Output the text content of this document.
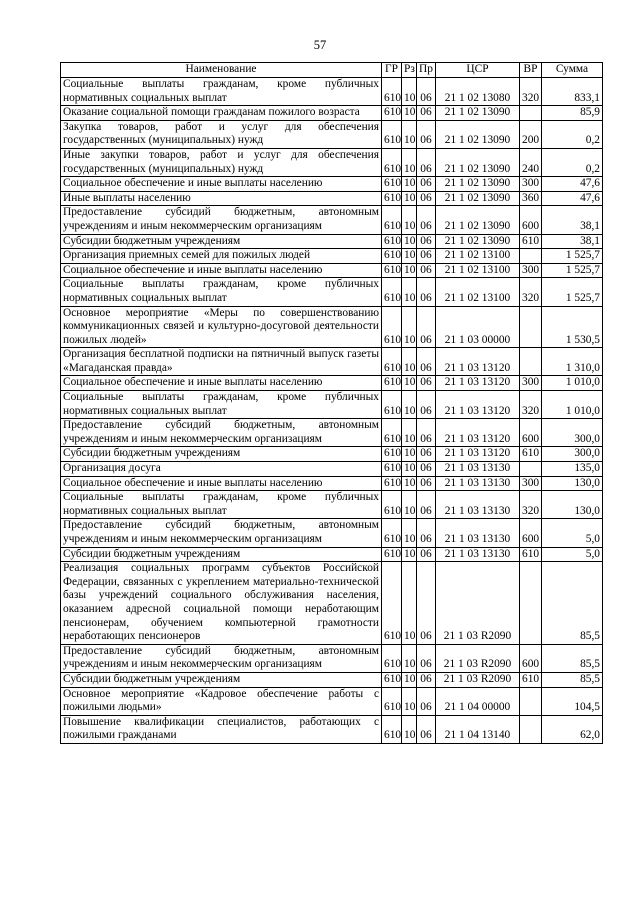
57
Наименование	ГР	Рз	Пр	ЦСР	ВР	Сумма
Социальные выплаты гражданам, кроме публичных нормативных социальных выплат	610	10	06	21 1 02 13080	320	833,1
Оказание социальной помощи гражданам пожилого возраста	610	10	06	21 1 02 13090		85,9
Закупка товаров, работ и услуг для обеспечения государственных (муниципальных) нужд	610	10	06	21 1 02 13090	200	0,2
Иные закупки товаров, работ и услуг для обеспечения государственных (муниципальных) нужд	610	10	06	21 1 02 13090	240	0,2
Социальное обеспечение и иные выплаты населению	610	10	06	21 1 02 13090	300	47,6
Иные выплаты населению	610	10	06	21 1 02 13090	360	47,6
Предоставление субсидий бюджетным, автономным учреждениям и иным некоммерческим организациям	610	10	06	21 1 02 13090	600	38,1
Субсидии бюджетным учреждениям	610	10	06	21 1 02 13090	610	38,1
Организация приемных семей для пожилых людей	610	10	06	21 1 02 13100		1 525,7
Социальное обеспечение и иные выплаты населению	610	10	06	21 1 02 13100	300	1 525,7
Социальные выплаты гражданам, кроме публичных нормативных социальных выплат	610	10	06	21 1 02 13100	320	1 525,7
Основное мероприятие «Меры по совершенствованию коммуникационных связей и культурно-досуговой деятельности пожилых людей»	610	10	06	21 1 03 00000		1 530,5
Организация бесплатной подписки на пятничный выпуск газеты «Магаданская правда»	610	10	06	21 1 03 13120		1 310,0
Социальное обеспечение и иные выплаты населению	610	10	06	21 1 03 13120	300	1 010,0
Социальные выплаты гражданам, кроме публичных нормативных социальных выплат	610	10	06	21 1 03 13120	320	1 010,0
Предоставление субсидий бюджетным, автономным учреждениям и иным некоммерческим организациям	610	10	06	21 1 03 13120	600	300,0
Субсидии бюджетным учреждениям	610	10	06	21 1 03 13120	610	300,0
Организация досуга	610	10	06	21 1 03 13130		135,0
Социальное обеспечение и иные выплаты населению	610	10	06	21 1 03 13130	300	130,0
Социальные выплаты гражданам, кроме публичных нормативных социальных выплат	610	10	06	21 1 03 13130	320	130,0
Предоставление субсидий бюджетным, автономным учреждениям и иным некоммерческим организациям	610	10	06	21 1 03 13130	600	5,0
Субсидии бюджетным учреждениям	610	10	06	21 1 03 13130	610	5,0
Реализация социальных программ субъектов Российской Федерации, связанных с укреплением материально-технической базы учреждений социального обслуживания населения, оказанием адресной социальной помощи неработающим пенсионерам, обучением компьютерной грамотности неработающих пенсионеров	610	10	06	21 1 03 R2090		85,5
Предоставление субсидий бюджетным, автономным учреждениям и иным некоммерческим организациям	610	10	06	21 1 03 R2090	600	85,5
Субсидии бюджетным учреждениям	610	10	06	21 1 03 R2090	610	85,5
Основное мероприятие «Кадровое обеспечение работы с пожилыми людьми»	610	10	06	21 1 04 00000		104,5
Повышение квалификации специалистов, работающих с пожилыми гражданами	610	10	06	21 1 04 13140		62,0
